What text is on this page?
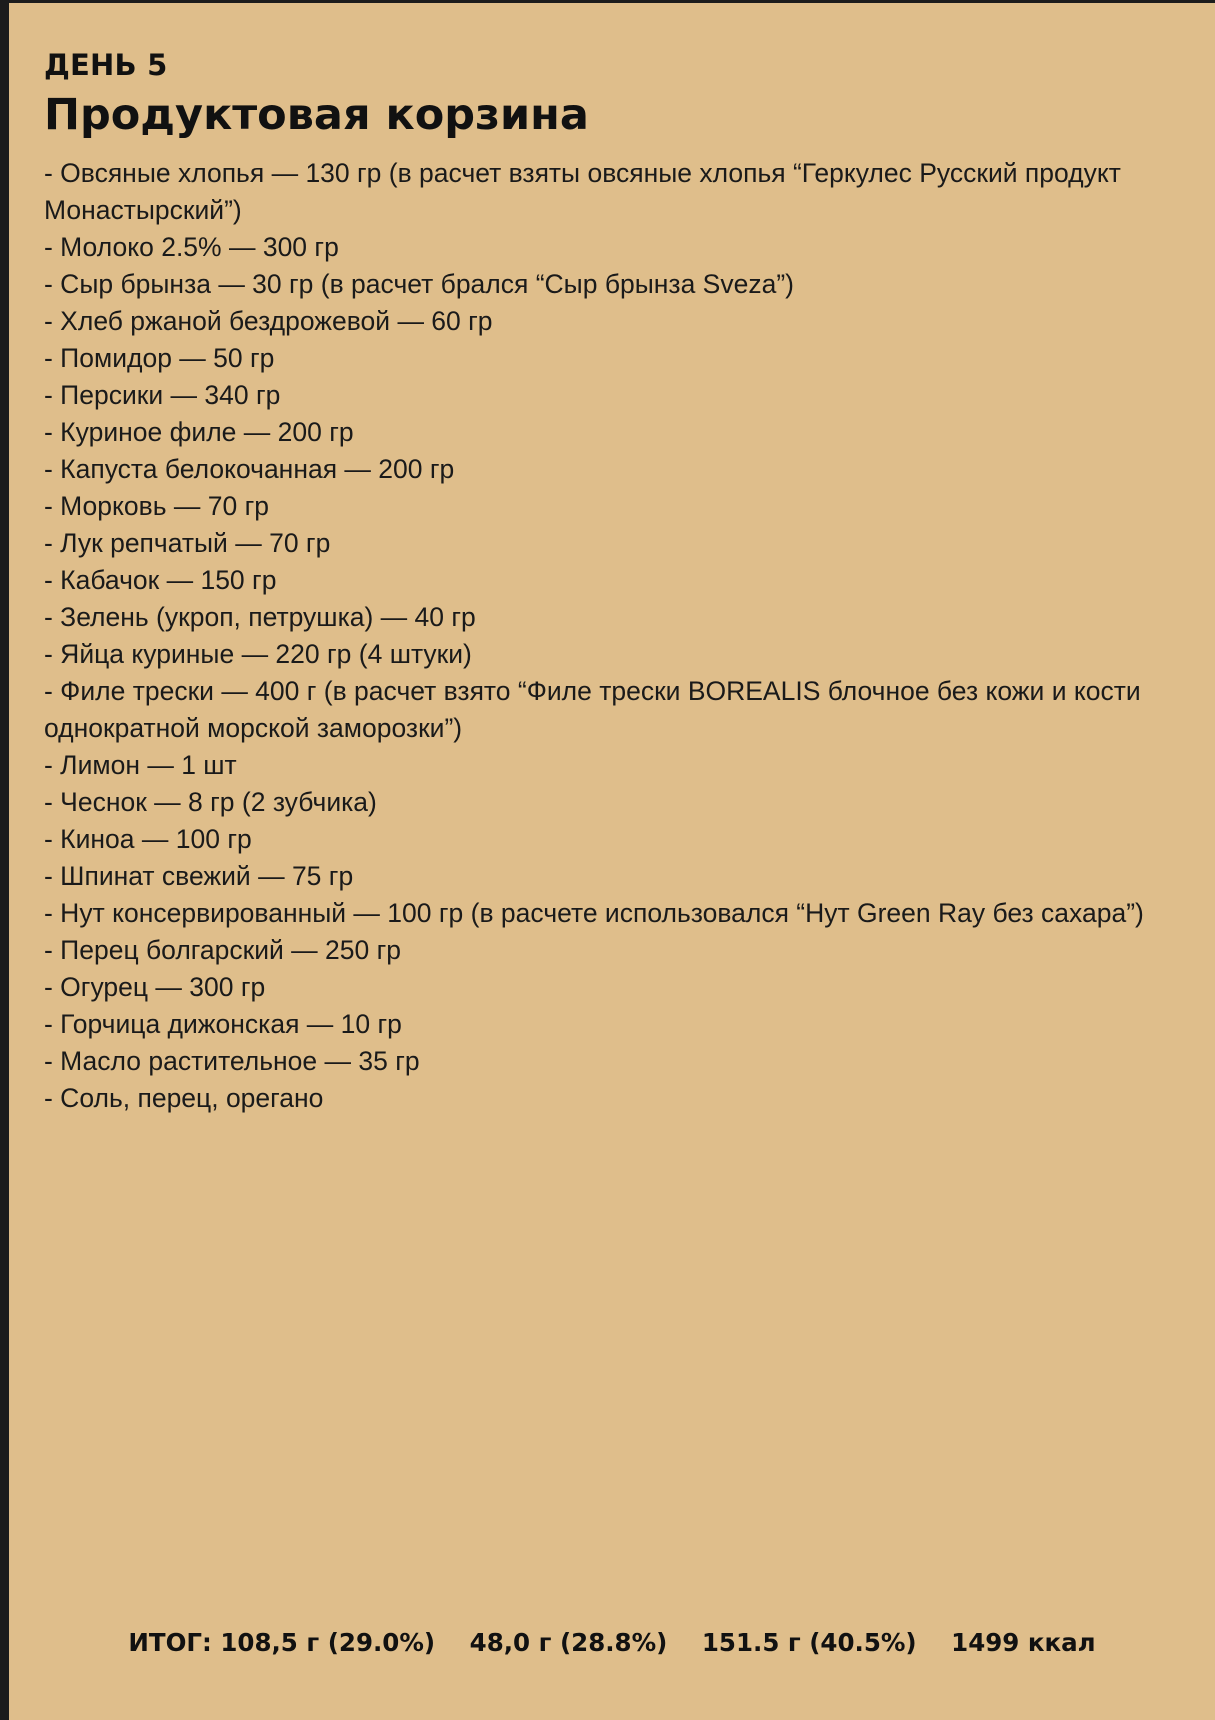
ДЕНЬ 5
Продуктовая корзина
- Овсяные хлопья — 130 гр (в расчет взяты овсяные хлопья “Геркулес Русский продукт Монастырский”)
- Молоко 2.5% — 300 гр
- Сыр брынза — 30 гр (в расчет брался “Сыр брынза Sveza”)
- Хлеб ржаной бездрожевой — 60 гр
- Помидор — 50 гр
- Персики — 340 гр
- Куриное филе — 200 гр
- Капуста белокочанная — 200 гр
- Морковь — 70 гр
- Лук репчатый — 70 гр
- Кабачок — 150 гр
- Зелень (укроп, петрушка) — 40 гр
- Яйца куриные — 220 гр (4 штуки)
- Филе трески — 400 г (в расчет взято “Филе трески BOREALIS блочное без кожи и кости однократной морской заморозки”)
- Лимон — 1 шт
- Чеснок — 8 гр (2 зубчика)
- Киноа — 100 гр
- Шпинат свежий — 75 гр
- Нут консервированный — 100 гр (в расчете использовался “Нут Green Ray без сахара”)
- Перец болгарский — 250 гр
- Огурец — 300 гр
- Горчица дижонская — 10 гр
- Масло растительное — 35 гр
- Соль, перец, орегано
ИТОГ: 108,5 г (29.0%) 48,0 г (28.8%) 151.5 г (40.5%) 1499 ккал
